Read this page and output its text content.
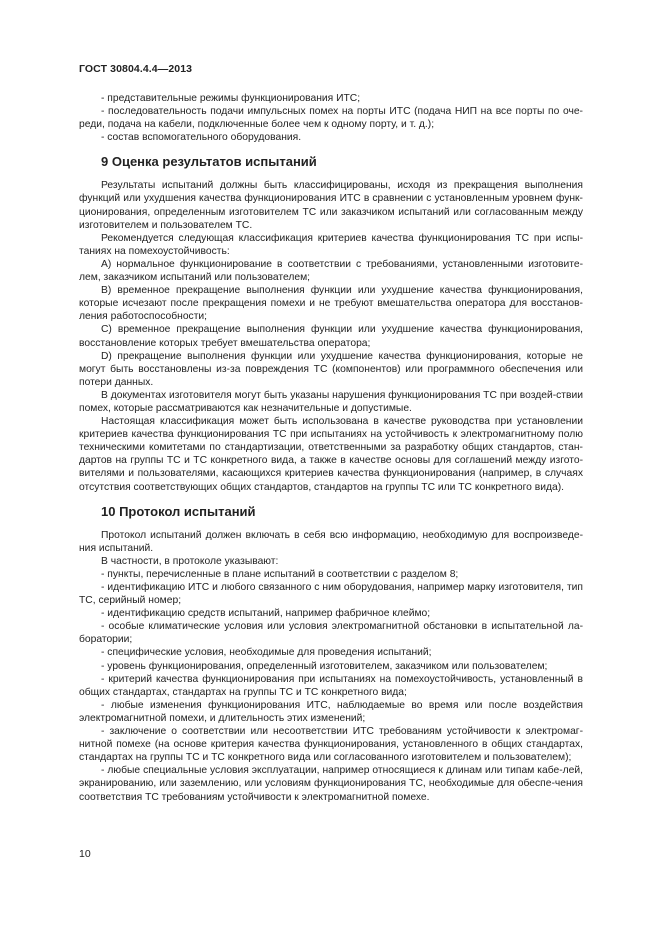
ГОСТ 30804.4.4—2013

- представительные режимы функционирования ИТС;

- последовательность подачи импульсных помех на порты ИТС (подача НИП на все порты по оче-реди, подача на кабели, подключенные более чем к одному порту, и т. д.);

- состав вспомогательного оборудования.

9 Оценка результатов испытаний

Результаты испытаний должны быть классифицированы, исходя из прекращения выполнения функций или ухудшения качества функционирования ИТС в сравнении с установленным уровнем функ-ционирования, определенным изготовителем ТС или заказчиком испытаний или согласованным между изготовителем и пользователем ТС.

Рекомендуется следующая классификация критериев качества функционирования ТС при испы-таниях на помехоустойчивость:

А) нормальное функционирование в соответствии с требованиями, установленными изготовите-лем, заказчиком испытаний или пользователем;

В) временное прекращение выполнения функции или ухудшение качества функционирования, которые исчезают после прекращения помехи и не требуют вмешательства оператора для восстанов-ления работоспособности;

С) временное прекращение выполнения функции или ухудшение качества функционирования, восстановление которых требует вмешательства оператора;

D) прекращение выполнения функции или ухудшение качества функционирования, которые не могут быть восстановлены из-за повреждения ТС (компонентов) или программного обеспечения или потери данных.

В документах изготовителя могут быть указаны нарушения функционирования ТС при воздей-ствии помех, которые рассматриваются как незначительные и допустимые.

Настоящая классификация может быть использована в качестве руководства при установлении критериев качества функционирования ТС при испытаниях на устойчивость к электромагнитному полю техническими комитетами по стандартизации, ответственными за разработку общих стандартов, стан-дартов на группы ТС и ТС конкретного вида, а также в качестве основы для соглашений между изгото-вителями и пользователями, касающихся критериев качества функционирования (например, в случаях отсутствия соответствующих общих стандартов, стандартов на группы ТС или ТС конкретного вида).

10 Протокол испытаний

Протокол испытаний должен включать в себя всю информацию, необходимую для воспроизведе-ния испытаний.

В частности, в протоколе указывают:

- пункты, перечисленные в плане испытаний в соответствии с разделом 8;

- идентификацию ИТС и любого связанного с ним оборудования, например марку изготовителя, тип ТС, серийный номер;

- идентификацию средств испытаний, например фабричное клеймо;

- особые климатические условия или условия электромагнитной обстановки в испытательной ла-боратории;

- специфические условия, необходимые для проведения испытаний;

- уровень функционирования, определенный изготовителем, заказчиком или пользователем;

- критерий качества функционирования при испытаниях на помехоустойчивость, установленный в общих стандартах, стандартах на группы ТС и ТС конкретного вида;

- любые изменения функционирования ИТС, наблюдаемые во время или после воздействия электромагнитной помехи, и длительность этих изменений;

- заключение о соответствии или несоответствии ИТС требованиям устойчивости к электромаг-нитной помехе (на основе критерия качества функционирования, установленного в общих стандартах, стандартах на группы ТС и ТС конкретного вида или согласованного изготовителем и пользователем);

- любые специальные условия эксплуатации, например относящиеся к длинам или типам кабе-лей, экранированию, или заземлению, или условиям функционирования ТС, необходимые для обеспе-чения соответствия ТС требованиям устойчивости к электромагнитной помехе.

10
